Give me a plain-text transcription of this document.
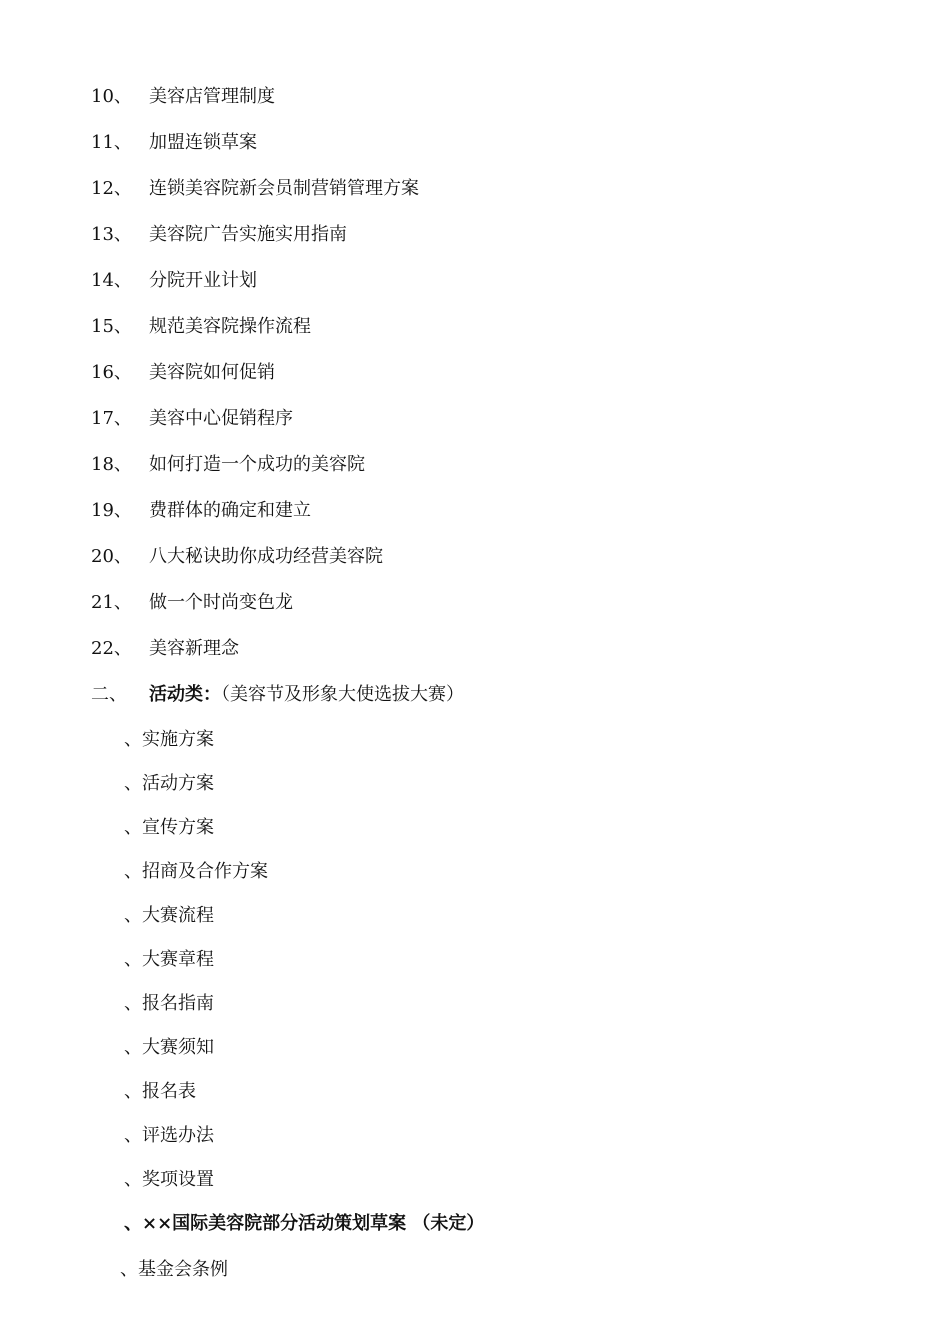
10、 美容店管理制度
11、 加盟连锁草案
12、 连锁美容院新会员制营销管理方案
13、 美容院广告实施实用指南
14、 分院开业计划
15、 规范美容院操作流程
16、 美容院如何促销
17、 美容中心促销程序
18、 如何打造一个成功的美容院
19、 费群体的确定和建立
20、 八大秘诀助你成功经营美容院
21、 做一个时尚变色龙
22、 美容新理念
二、	活动类：（美容节及形象大使选拔大赛）
、实施方案
、活动方案
、宣传方案
、招商及合作方案
、大赛流程
、大赛章程
、报名指南
、大赛须知
、报名表
、评选办法
、奖项设置
、××国际美容院部分活动策划草案 （未定）
、基金会条例
